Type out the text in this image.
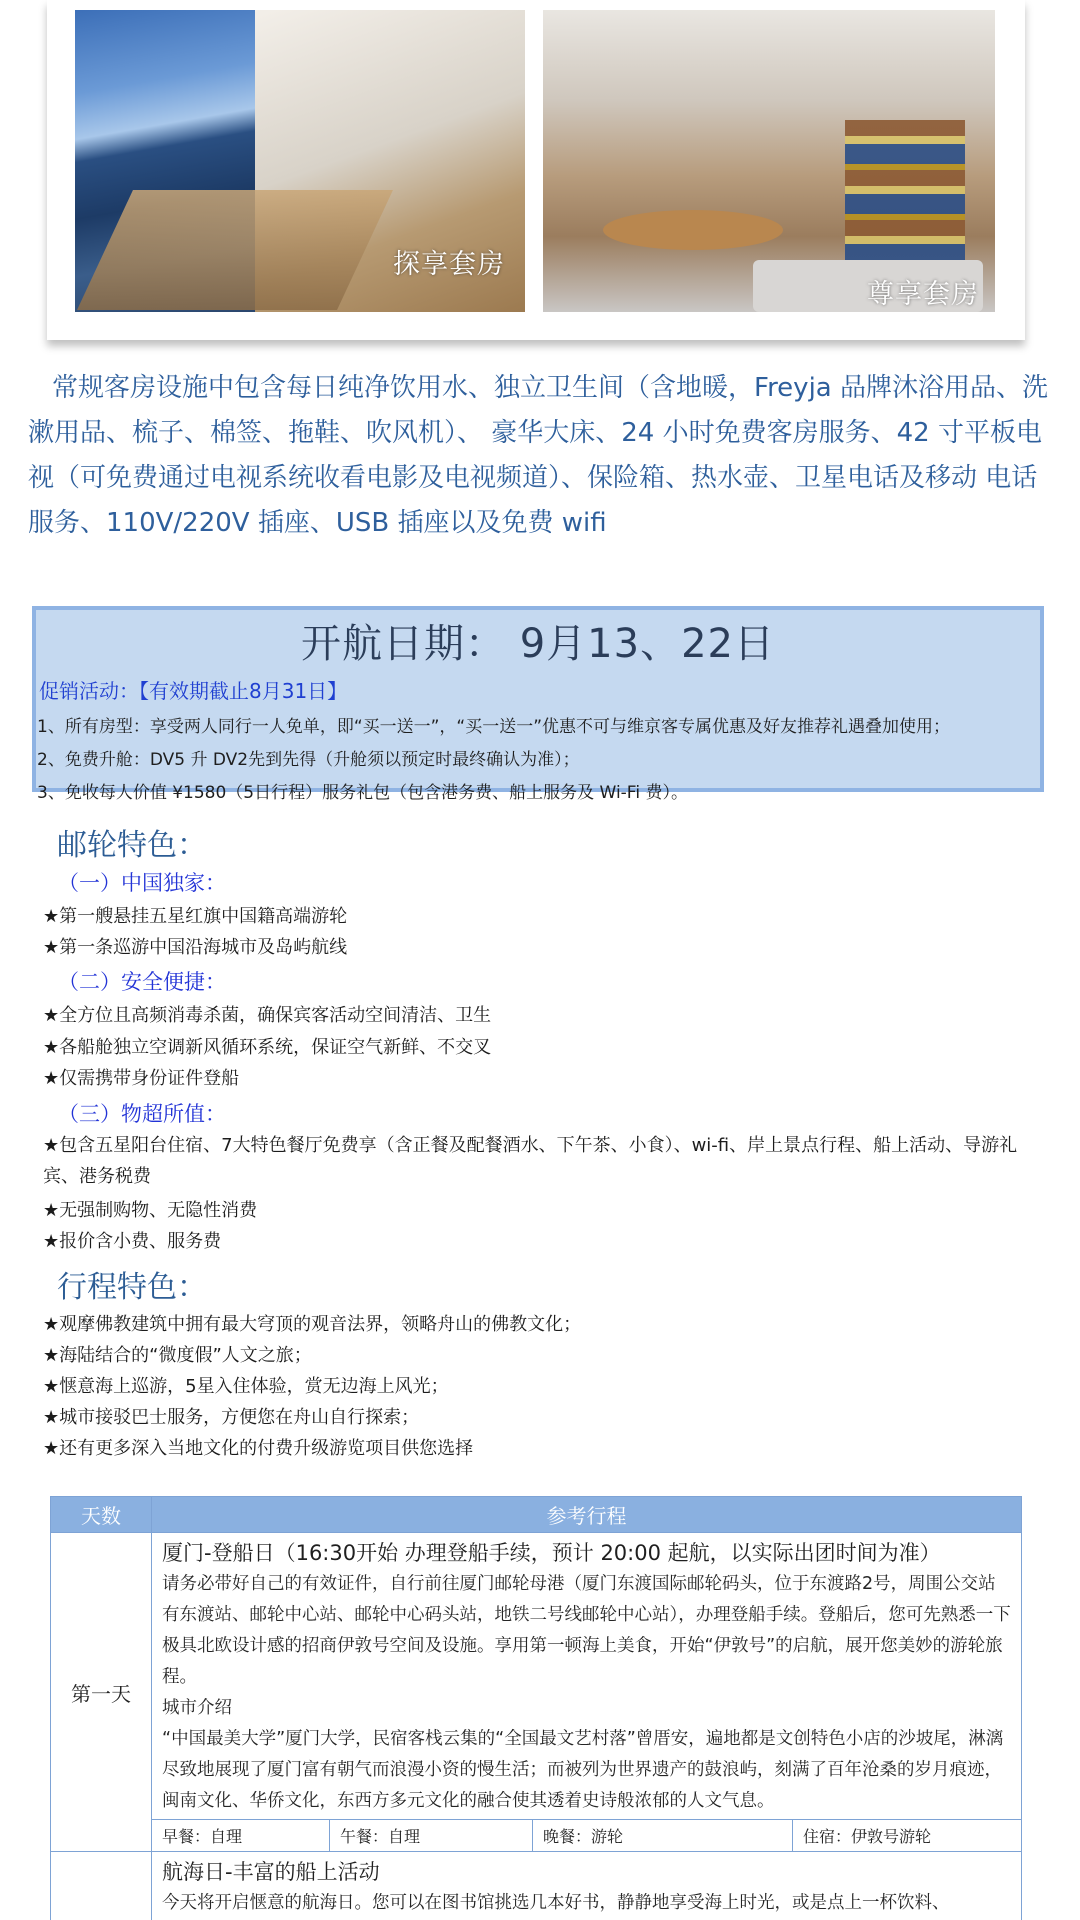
探享套房
尊享套房

常规客房设施中包含每日纯净饮用水、独立卫生间（含地暖，Freyja 品牌沐浴用品、洗漱用品、梳子、棉签、拖鞋、吹风机）、 豪华大床、24 小时免费客房服务、42 寸平板电视（可免费通过电视系统收看电影及电视频道）、保险箱、热水壶、卫星电话及移动 电话服务、110V/220V 插座、USB 插座以及免费 wifi

开航日期： 9月13、22日
促销活动：【有效期截止8月31日】
1、所有房型：享受两人同行一人免单，即“买一送一”，“买一送一”优惠不可与维京客专属优惠及好友推荐礼遇叠加使用；
2、免费升舱：DV5 升 DV2先到先得（升舱须以预定时最终确认为准）；
3、免收每人价值 ¥1580（5日行程）服务礼包（包含港务费、船上服务及 Wi-Fi 费）。
邮轮特色：
（一）中国独家：
★第一艘悬挂五星红旗中国籍高端游轮
★第一条巡游中国沿海城市及岛屿航线
（二）安全便捷：
★全方位且高频消毒杀菌，确保宾客活动空间清洁、卫生
★各船舱独立空调新风循环系统，保证空气新鲜、不交叉
★仅需携带身份证件登船
（三）物超所值：
★包含五星阳台住宿、7大特色餐厅免费享（含正餐及配餐酒水、下午茶、小食）、wi-fi、岸上景点行程、船上活动、导游礼宾、港务税费
★无强制购物、无隐性消费
★报价含小费、服务费
行程特色：
★观摩佛教建筑中拥有最大穹顶的观音法界，领略舟山的佛教文化；
★海陆结合的“微度假”人文之旅；
★惬意海上巡游，5星入住体验，赏无边海上风光；
★城市接驳巴士服务，方便您在舟山自行探索；
★还有更多深入当地文化的付费升级游览项目供您选择
天数	参考行程			
第一天	厦门-登船日（16:30开始 办理登船手续，预计 20:00 起航，以实际出团时间为准）
请务必带好自己的有效证件，自行前往厦门邮轮母港（厦门东渡国际邮轮码头，位于东渡路2号，周围公交站有东渡站、邮轮中心站、邮轮中心码头站，地铁二号线邮轮中心站），办理登船手续。登船后，您可先熟悉一下极具北欧设计感的招商伊敦号空间及设施。享用第一顿海上美食，开始“伊敦号”的启航，展开您美妙的游轮旅程。
城市介绍
“中国最美大学”厦门大学，民宿客栈云集的“全国最文艺村落”曾厝安，遍地都是文创特色小店的沙坡尾，淋漓尽致地展现了厦门富有朝气而浪漫小资的慢生活；而被列为世界遗产的鼓浪屿，刻满了百年沧桑的岁月痕迹，闽南文化、华侨文化，东西方多元文化的融合使其透着史诗般浓郁的人文气息。			

	早餐：自理	午餐：自理	晚餐：游轮	住宿：伊敦号游轮

	航海日-丰富的船上活动
今天将开启惬意的航海日。您可以在图书馆挑选几本好书，静静地享受海上时光，或是点上一杯饮料、			
